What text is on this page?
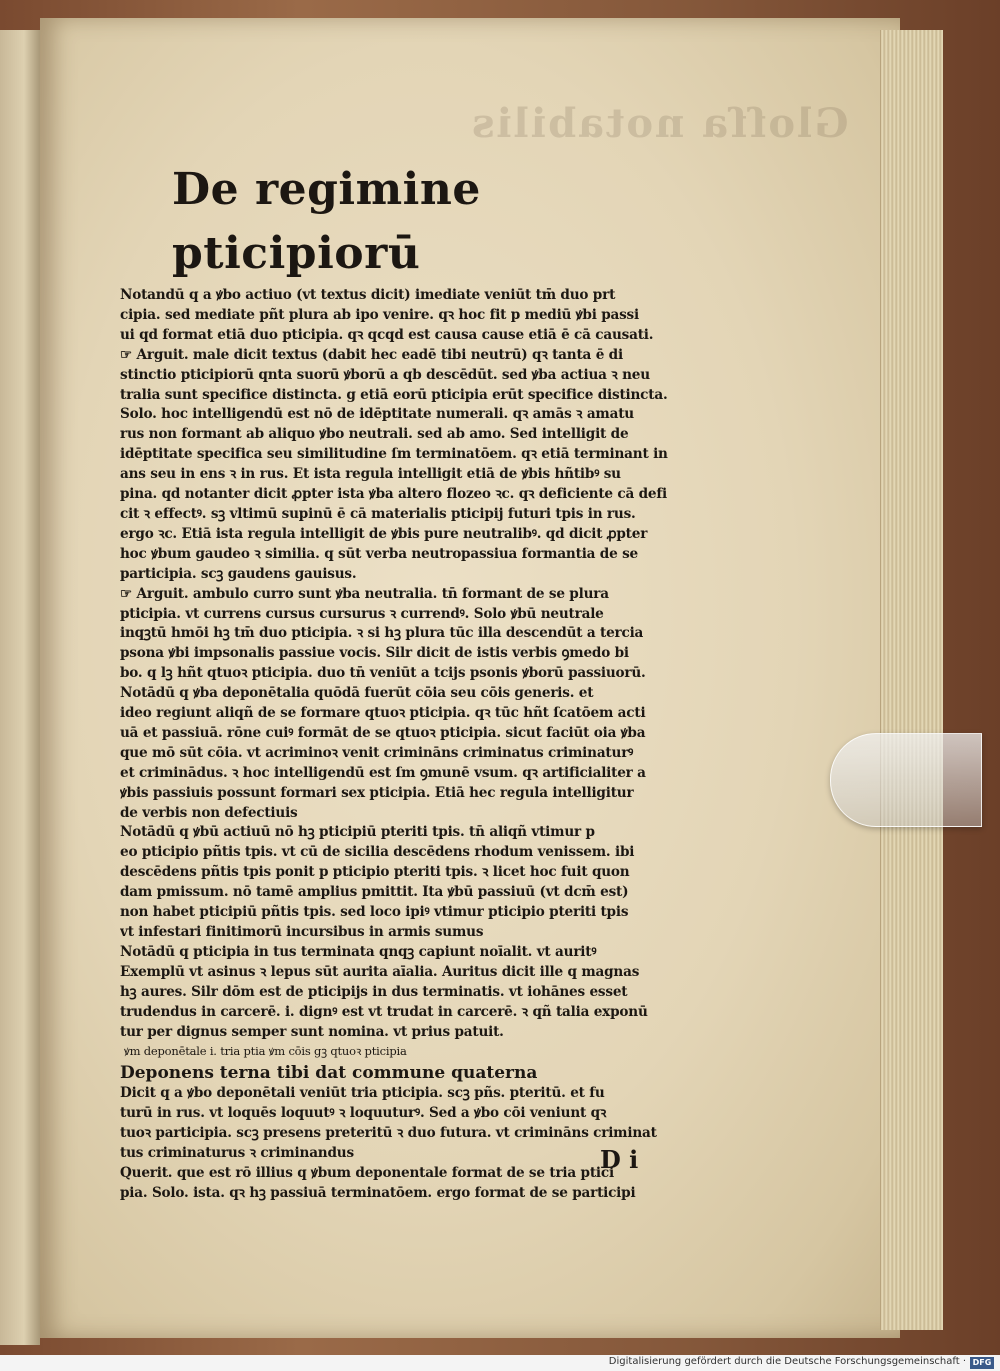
Gloſſa notabilis
De regimine pticipiorū
Notandū q a ꝟbo actiuo (vt textus dicit) imediate veniūt tm̄ duo prt
cipia. sed mediate pñt plura ab ipo venire. qꝛ hoc fit p mediū ꝟbi passi
ui qd format etiā duo pticipia. qꝛ qcqd est causa cause etiā ē cā causati.
☞ Arguit. male dicit textus (dabit hec eadē tibi neutrū) qꝛ tanta ē di
stinctio pticipiorū qnta suorū ꝟborū a qb descēdūt. sed ꝟba actiua ꝛ neu
tralia sunt specifice distincta. g etiā eorū pticipia erūt specifice distincta.
Solo. hoc intelligendū est nō de idēptitate numerali. qꝛ amās ꝛ amatu
rus non formant ab aliquo ꝟbo neutrali. sed ab amo. Sed intelligit de
idēptitate specifica seu similitudine ſm terminatōem. qꝛ etiā terminant in
ans seu in ens ꝛ in rus. Et ista regula intelligit etiā de ꝟbis hñtibꝰ su
pina. qd notanter dicit ꝓpter ista ꝟba altero flozeo ꝛc. qꝛ deficiente cā defi
cit ꝛ effectꝰ. sꝫ vltimū supinū ē cā materialis pticipij futuri tpis in rus.
ergo ꝛc. Etiā ista regula intelligit de ꝟbis pure neutralibꝰ. qd dicit ꝓpter
hoc ꝟbum gaudeo ꝛ similia. q sūt verba neutropassiua formantia de se
participia. scꝫ gaudens gauisus.
☞ Arguit. ambulo curro sunt ꝟba neutralia. tn̄ formant de se plura
pticipia. vt currens cursus cursurus ꝛ currendꝰ. Solo ꝟbū neutrale
inqꝫtū hmōi hꝫ tm̄ duo pticipia. ꝛ si hꝫ plura tūc illa descendūt a tercia
psona ꝟbi impsonalis passiue vocis. Silr dicit de istis verbis ꝯmedo bi
bo. q lꝫ hñt qtuoꝛ pticipia. duo tn̄ veniūt a tcijs psonis ꝟborū passiuorū.
Notādū q ꝟba deponētalia quōdā fuerūt cōia seu cōis generis. et
ideo regiunt aliqñ de se formare qtuoꝛ pticipia. qꝛ tūc hñt ſcatōem acti
uā et passiuā. rōne cuiꝰ formāt de se qtuoꝛ pticipia. sicut faciūt oia ꝟba
que mō sūt cōia. vt acriminoꝛ venit crimināns criminatus criminaturꝰ
et criminādus. ꝛ hoc intelligendū est ſm ꝯmunē vsum. qꝛ artificialiter a
ꝟbis passiuis possunt formari sex pticipia. Etiā hec regula intelligitur
de verbis non defectiuis
Notādū q ꝟbū actiuū nō hꝫ pticipiū pteriti tpis. tn̄ aliqñ vtimur p
eo pticipio pñtis tpis. vt cū de sicilia descēdens rhodum venissem. ibi
descēdens pñtis tpis ponit p pticipio pteriti tpis. ꝛ licet hoc fuit quon
dam pmissum. nō tamē amplius pmittit. Ita ꝟbū passiuū (vt dcm̄ est)
non habet pticipiū pñtis tpis. sed loco ipiꝰ vtimur pticipio pteriti tpis
vt infestari finitimorū incursibus in armis sumus
Notādū q pticipia in tus terminata qnqꝫ capiunt noīalit. vt auritꝰ
Exemplū vt asinus ꝛ lepus sūt aurita aīalia. Auritus dicit ille q magnas
hꝫ aures. Silr dōm est de pticipijs in dus terminatis. vt iohānes esset
trudendus in carcerē. i. dignꝰ est vt trudat in carcerē. ꝛ qñ talia exponū
tur per dignus semper sunt nomina. vt prius patuit.
ꝟm deponētale i. tria ptia ꝟm cōis gꝫ qtuoꝛ pticipia
Deponens terna tibi dat commune quaterna
Dicit q a ꝟbo deponētali veniūt tria pticipia. scꝫ pñs. pteritū. et fu
turū in rus. vt loquēs loquutꝰ ꝛ loquuturꝰ. Sed a ꝟbo cōi veniunt qꝛ
tuoꝛ participia. scꝫ presens preteritū ꝛ duo futura. vt crimināns criminat
tus criminaturus ꝛ criminandus
Querit. que est rō illius q ꝟbum deponentale format de se tria ptici
pia. Solo. ista. qꝛ hꝫ passiuā terminatōem. ergo format de se participi
D i
Digitalisierung gefördert durch die Deutsche Forschungsgemeinschaft · DFG
